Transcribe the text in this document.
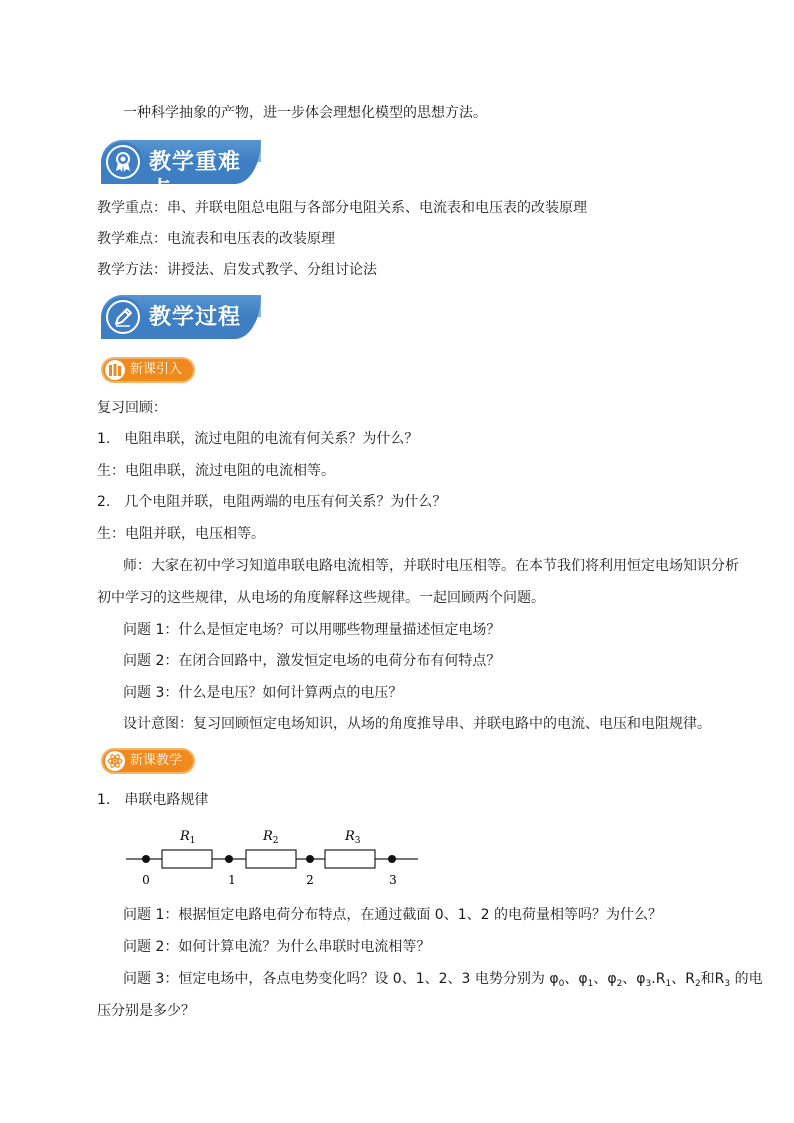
一种科学抽象的产物，进一步体会理想化模型的思想方法。
教学重难点
教学重点：串、并联电阻总电阻与各部分电阻关系、电流表和电压表的改装原理
教学难点：电流表和电压表的改装原理
教学方法：讲授法、启发式教学、分组讨论法
教学过程
新课引入
复习回顾：
1.　电阻串联，流过电阻的电流有何关系？为什么？
生：电阻串联，流过电阻的电流相等。
2.　几个电阻并联，电阻两端的电压有何关系？为什么？
生：电阻并联，电压相等。
师：大家在初中学习知道串联电路电流相等，并联时电压相等。在本节我们将利用恒定电场知识分析
初中学习的这些规律，从电场的角度解释这些规律。一起回顾两个问题。
问题 1：什么是恒定电场？可以用哪些物理量描述恒定电场？
问题 2：在闭合回路中，激发恒定电场的电荷分布有何特点？
问题 3：什么是电压？如何计算两点的电压？
设计意图：复习回顾恒定电场知识，从场的角度推导串、并联电路中的电流、电压和电阻规律。
新课教学
1.　串联电路规律
$R_1$	$R_2$	$R_3$
0	1	2	3
问题 1：根据恒定电路电荷分布特点，在通过截面 0、1、2 的电荷量相等吗？为什么？
问题 2：如何计算电流？为什么串联时电流相等？
问题 3：恒定电场中，各点电势变化吗？设 0、1、2、3 电势分别为 $\varphi_0$、$\varphi_1$、$\varphi_2$、$\varphi_3.R_1$、$R_2$和$R_3$ 的电
压分别是多少？
